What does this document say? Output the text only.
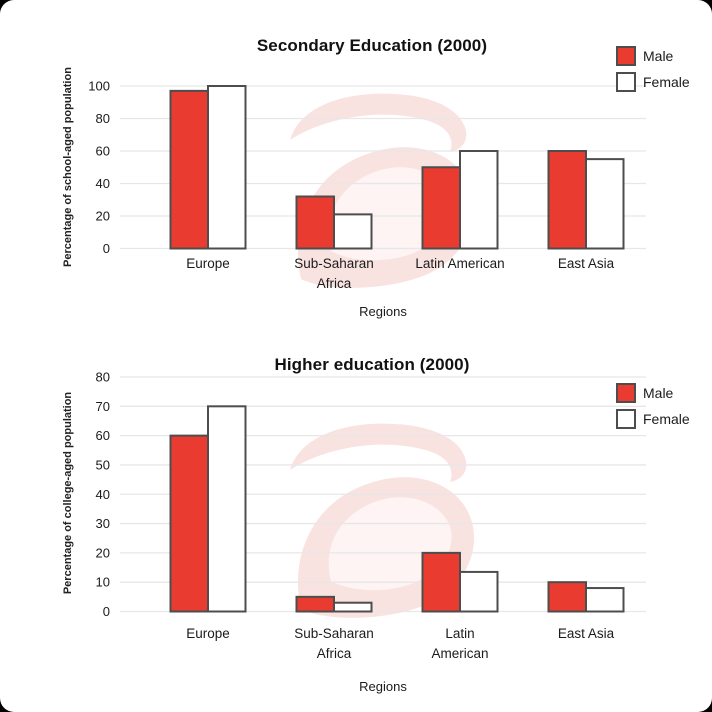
0
20
40
60
80
100
Europe	Sub-Saharan
Africa
Latin American	East Asia
Secondary Education (2000)
Percentage of school-aged population
Regions
Male
Female
0
10
20
30
40
50
60
70
80
Europe	Sub-Saharan
Africa
Latin
American
East Asia
Higher education (2000)
Percentage of college-aged population
Regions
Male
Female
